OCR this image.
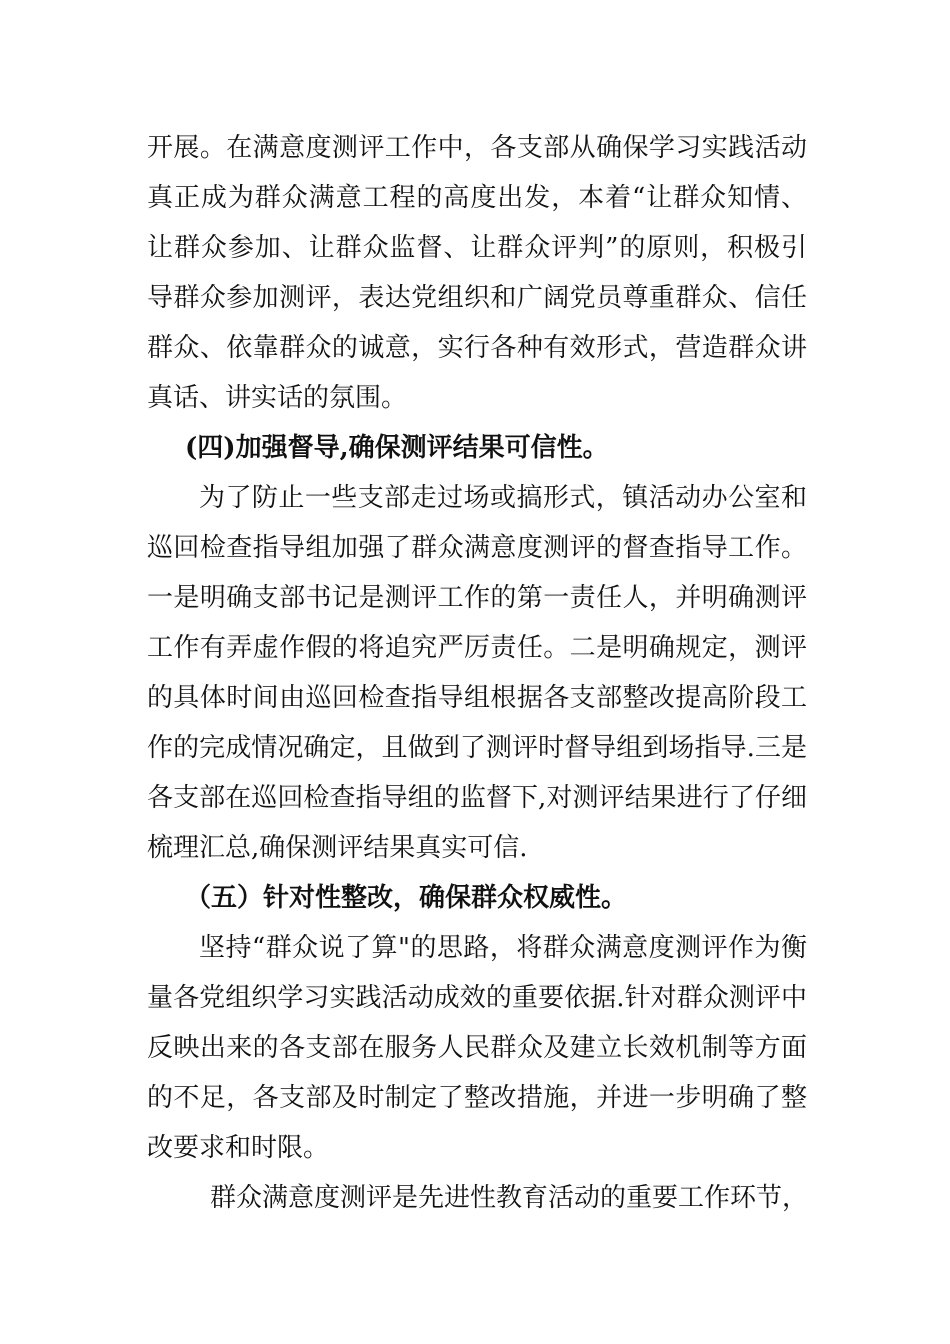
开展。在满意度测评工作中，各支部从确保学习实践活动
真正成为群众满意工程的高度出发，本着“让群众知情、
让群众参加、让群众监督、让群众评判”的原则，积极引
导群众参加测评，表达党组织和广阔党员尊重群众、信任
群众、依靠群众的诚意，实行各种有效形式，营造群众讲
真话、讲实话的氛围。
(四)加强督导,确保测评结果可信性。
为了防止一些支部走过场或搞形式，镇活动办公室和
巡回检查指导组加强了群众满意度测评的督查指导工作。
一是明确支部书记是测评工作的第一责任人，并明确测评
工作有弄虚作假的将追究严厉责任。二是明确规定，测评
的具体时间由巡回检查指导组根据各支部整改提高阶段工
作的完成情况确定，且做到了测评时督导组到场指导.三是
各支部在巡回检查指导组的监督下,对测评结果进行了仔细
梳理汇总,确保测评结果真实可信.
（五）针对性整改，确保群众权威性。
坚持“群众说了算"的思路，将群众满意度测评作为衡
量各党组织学习实践活动成效的重要依据.针对群众测评中
反映出来的各支部在服务人民群众及建立长效机制等方面
的不足，各支部及时制定了整改措施，并进一步明确了整
改要求和时限。
群众满意度测评是先进性教育活动的重要工作环节，
